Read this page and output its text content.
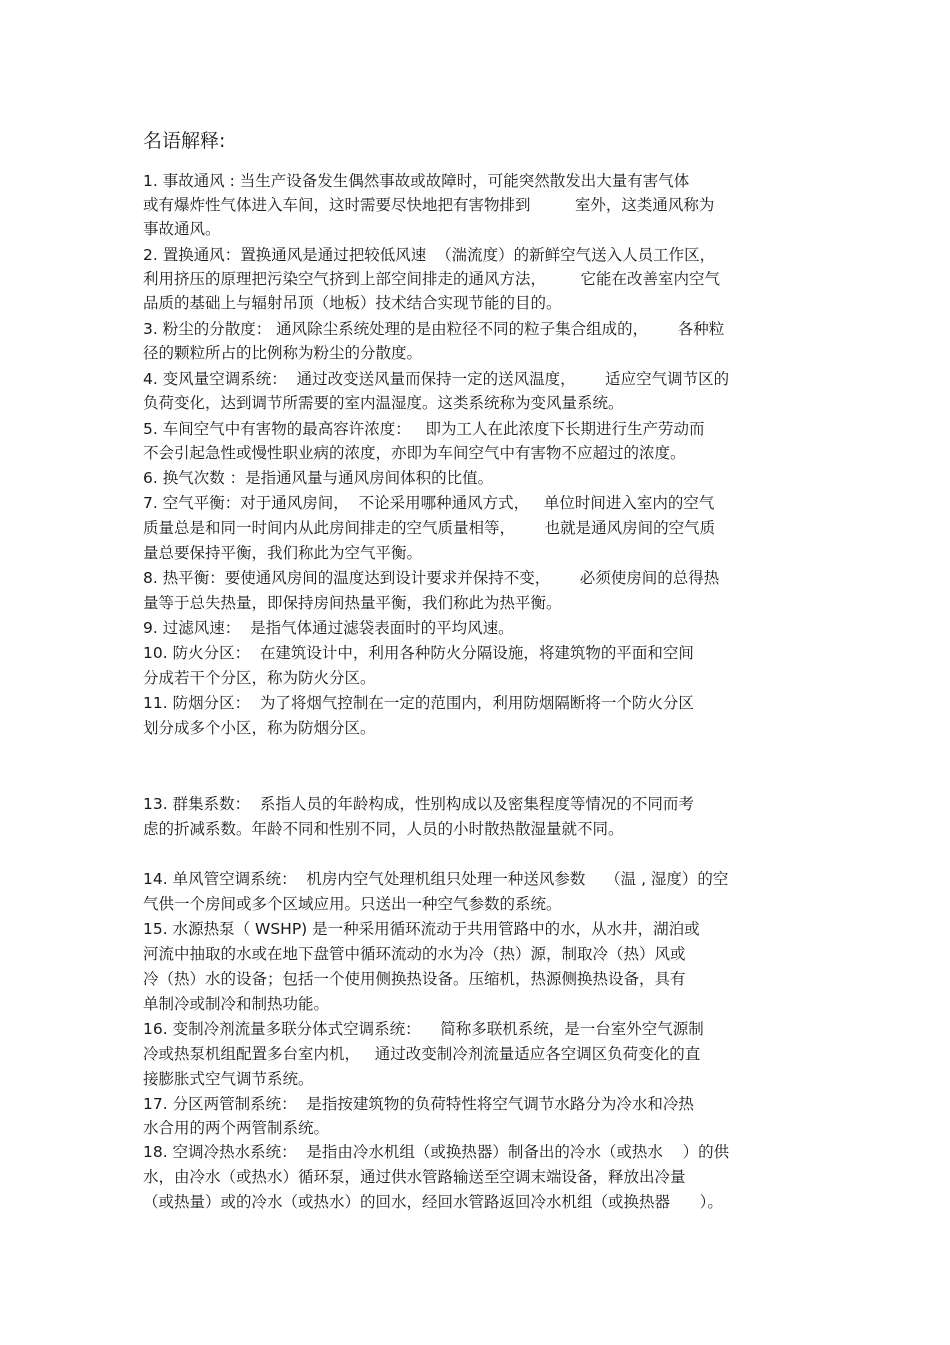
名语解释:

1. 事故通风 : 当生产设备发生偶然事故或故障时，可能突然散发出大量有害气体

或有爆炸性气体进入车间，这时需要尽快地把有害物排到         室外，这类通风称为

事故通风。

2. 置换通风：置换通风是通过把较低风速  （湍流度）的新鲜空气送入人员工作区，

利用挤压的原理把污染空气挤到上部空间排走的通风方法，       它能在改善室内空气

品质的基础上与辐射吊顶（地板）技术结合实现节能的目的。

3. 粉尘的分散度： 通风除尘系统处理的是由粒径不同的粒子集合组成的，      各种粒

径的颗粒所占的比例称为粉尘的分散度。

4. 变风量空调系统：  通过改变送风量而保持一定的送风温度，      适应空气调节区的

负荷变化，达到调节所需要的室内温湿度。这类系统称为变风量系统。

5. 车间空气中有害物的最高容许浓度：   即为工人在此浓度下长期进行生产劳动而

不会引起急性或慢性职业病的浓度，亦即为车间空气中有害物不应超过的浓度。

6. 换气次数 ：是指通风量与通风房间体积的比值。

7. 空气平衡：对于通风房间，  不论采用哪种通风方式，   单位时间进入室内的空气

质量总是和同一时间内从此房间排走的空气质量相等，      也就是通风房间的空气质

量总要保持平衡，我们称此为空气平衡。

8. 热平衡：要使通风房间的温度达到设计要求并保持不变，      必须使房间的总得热

量等于总失热量，即保持房间热量平衡，我们称此为热平衡。

9. 过滤风速：  是指气体通过滤袋表面时的平均风速。

10. 防火分区：  在建筑设计中，利用各种防火分隔设施，将建筑物的平面和空间

分成若干个分区，称为防火分区。

11. 防烟分区：  为了将烟气控制在一定的范围内，利用防烟隔断将一个防火分区

划分成多个小区，称为防烟分区。

13. 群集系数：  系指人员的年龄构成，性别构成以及密集程度等情况的不同而考

虑的折减系数。年龄不同和性别不同，人员的小时散热散湿量就不同。

14. 单风管空调系统：  机房内空气处理机组只处理一种送风参数    （温 , 湿度）的空

气供一个房间或多个区域应用。只送出一种空气参数的系统。

15. 水源热泵（ WSHP) 是一种采用循环流动于共用管路中的水，从水井，湖泊或

河流中抽取的水或在地下盘管中循环流动的水为冷（热）源，制取冷（热）风或

冷（热）水的设备；包括一个使用侧换热设备。压缩机，热源侧换热设备，具有

单制冷或制冷和制热功能。

16. 变制冷剂流量多联分体式空调系统：    简称多联机系统，是一台室外空气源制

冷或热泵机组配置多台室内机，   通过改变制冷剂流量适应各空调区负荷变化的直

接膨胀式空气调节系统。

17. 分区两管制系统：  是指按建筑物的负荷特性将空气调节水路分为冷水和冷热

水合用的两个两管制系统。

18. 空调冷热水系统：  是指由冷水机组（或换热器）制备出的冷水（或热水    ）的供

水，由冷水（或热水）循环泵，通过供水管路输送至空调末端设备，释放出冷量

（或热量）或的冷水（或热水）的回水，经回水管路返回冷水机组（或换热器      ）。
